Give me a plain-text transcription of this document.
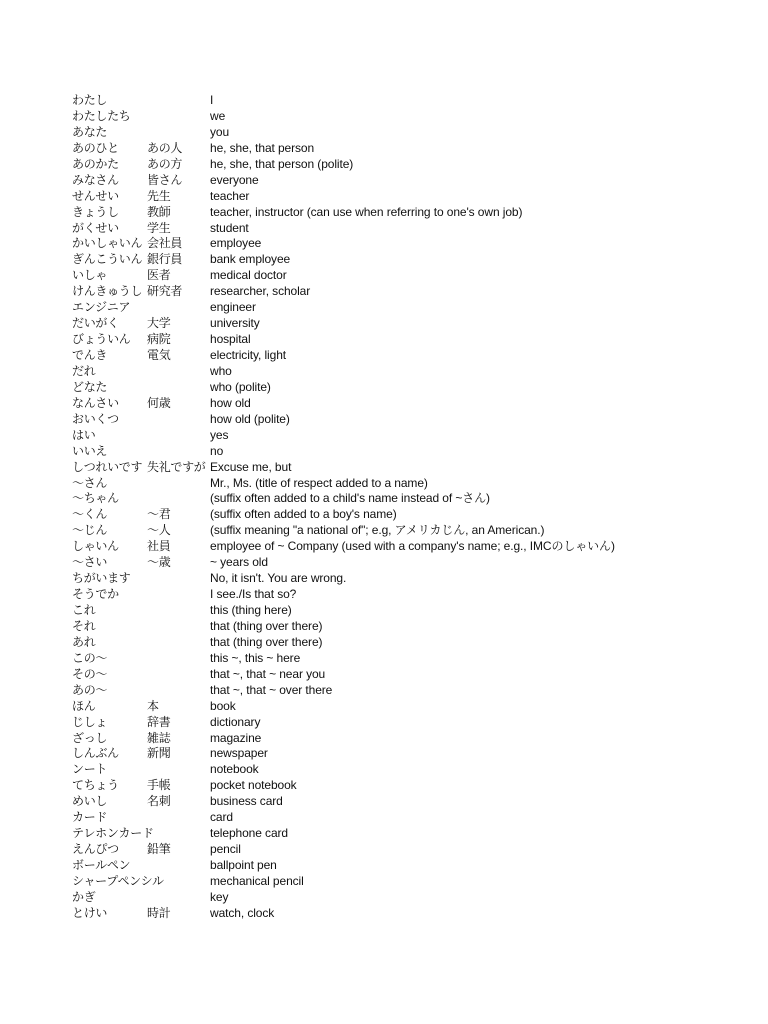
わたし	I
わたしたち	we
あなた	you
あのひと あの人 he, she, that person
あのかた あの方 he, she, that person (polite)
みなさん 皆さん everyone
せんせい 先生	teacher
きょうし 教師	teacher, instructor (can use when referring to one's own job)
がくせい 学生	student
かいしゃいん 会社員 employee
ぎんこういん 銀行員 bank employee
いしゃ	医者	medical doctor
けんきゅうし 研究者 researcher, scholar
エンジニア	engineer
だいがく 大学	university
びょういん 病院	hospital
でんき	電気	electricity, light
だれ	who
どなた	who (polite)
なんさい 何歳	how old
おいくつ	how old (polite)
はい	yes
いいえ	no
しつれいです 失礼ですが Excuse me, but
～さん	Mr., Ms. (title of respect added to a name)
～ちゃん	(suffix often added to a child's name instead of ~さん)
～くん	～君	(suffix often added to a boy's name)
～じん	～人	(suffix meaning "a national of"; e.g, アメリカじん, an American.)
しゃいん 社員	employee of ~ Company (used with a company's name; e.g., IMCのしゃいん)
～さい	～歳	~ years old
ちがいます	No, it isn't. You are wrong.
そうでか	I see./Is that so?
これ	this (thing here)
それ	that (thing over there)
あれ	that (thing over there)
この～	this ~, this ~ here
その～	that ~, that ~ near you
あの～	that ~, that ~ over there
ほん	本	book
じしょ	辞書	dictionary
ざっし	雑誌	magazine
しんぶん 新聞	newspaper
ンート	notebook
てちょう 手帳	pocket notebook
めいし	名刺	business card
カード	card
テレホンカード	telephone card
えんぴつ 鉛筆	pencil
ボールペン	ballpoint pen
シャープペンシル	mechanical pencil
かぎ	key
とけい	時計	watch, clock
